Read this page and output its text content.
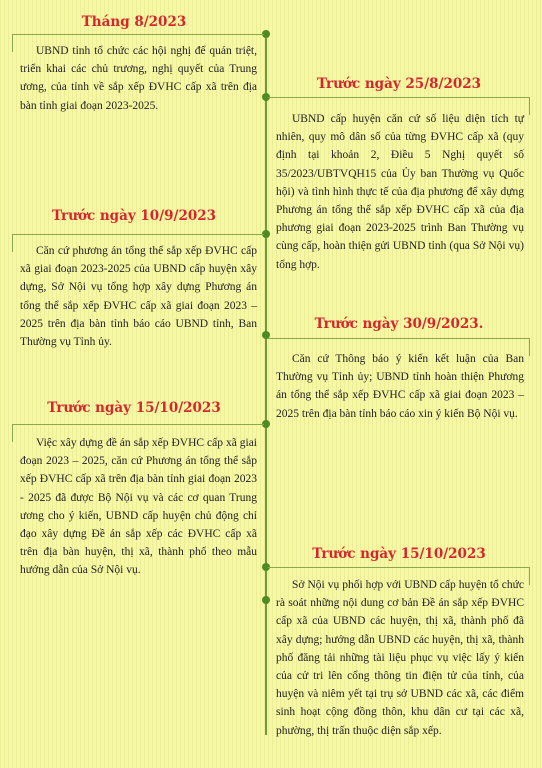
Tháng 8/2023

UBND tỉnh tổ chức các hội nghị để quán triệt, triển khai các chủ trương, nghị quyết của Trung ương, của tỉnh về sắp xếp ĐVHC cấp xã trên địa bàn tỉnh giai đoạn 2023-2025.

Trước ngày 25/8/2023

UBND cấp huyện căn cứ số liệu diện tích tự nhiên, quy mô dân số của từng ĐVHC cấp xã (quy định tại khoản 2, Điều 5 Nghị quyết số 35/2023/UBTVQH15 của Ủy ban Thường vụ Quốc hội) và tình hình thực tế của địa phương để xây dựng Phương án tổng thể sắp xếp ĐVHC cấp xã của địa phương giai đoạn 2023-2025 trình Ban Thường vụ cùng cấp, hoàn thiện gửi UBND tỉnh (qua Sở Nội vụ) tổng hợp.

Trước ngày 10/9/2023

Căn cứ phương án tổng thể sắp xếp ĐVHC cấp xã giai đoạn 2023-2025 của UBND cấp huyện xây dựng, Sở Nội vụ tổng hợp xây dựng Phương án tổng thể sắp xếp ĐVHC cấp xã giai đoạn 2023 – 2025 trên địa bàn tỉnh báo cáo UBND tỉnh, Ban Thường vụ Tỉnh ủy.

Trước ngày 30/9/2023.

Căn cứ Thông báo ý kiến kết luận của Ban Thường vụ Tỉnh ủy; UBND tỉnh hoàn thiện Phương án tổng thể sắp xếp ĐVHC cấp xã giai đoạn 2023 – 2025 trên địa bàn tỉnh báo cáo xin ý kiến Bộ Nội vụ.

Trước ngày 15/10/2023

Việc xây dựng đề án sắp xếp ĐVHC cấp xã giai đoạn 2023 – 2025, căn cứ Phương án tổng thể sắp xếp ĐVHC cấp xã trên địa bàn tỉnh giai đoạn 2023 - 2025 đã được Bộ Nội vụ và các cơ quan Trung ương cho ý kiến, UBND cấp huyện chủ động chỉ đạo xây dựng Đề án sắp xếp các ĐVHC cấp xã trên địa bàn huyện, thị xã, thành phố theo mẫu hướng dẫn của Sở Nội vụ.

Trước ngày 15/10/2023

Sở Nội vụ phối hợp với UBND cấp huyện tổ chức rà soát những nội dung cơ bản Đề án sắp xếp ĐVHC cấp xã của UBND các huyện, thị xã, thành phố đã xây dựng; hướng dẫn UBND các huyện, thị xã, thành phố đăng tải những tài liệu phục vụ việc lấy ý kiến của cử tri lên cổng thông tin điện tử của tỉnh, của huyện và niêm yết tại trụ sở UBND các xã, các điểm sinh hoạt cộng đồng thôn, khu dân cư tại các xã, phường, thị trấn thuộc diện sắp xếp.
